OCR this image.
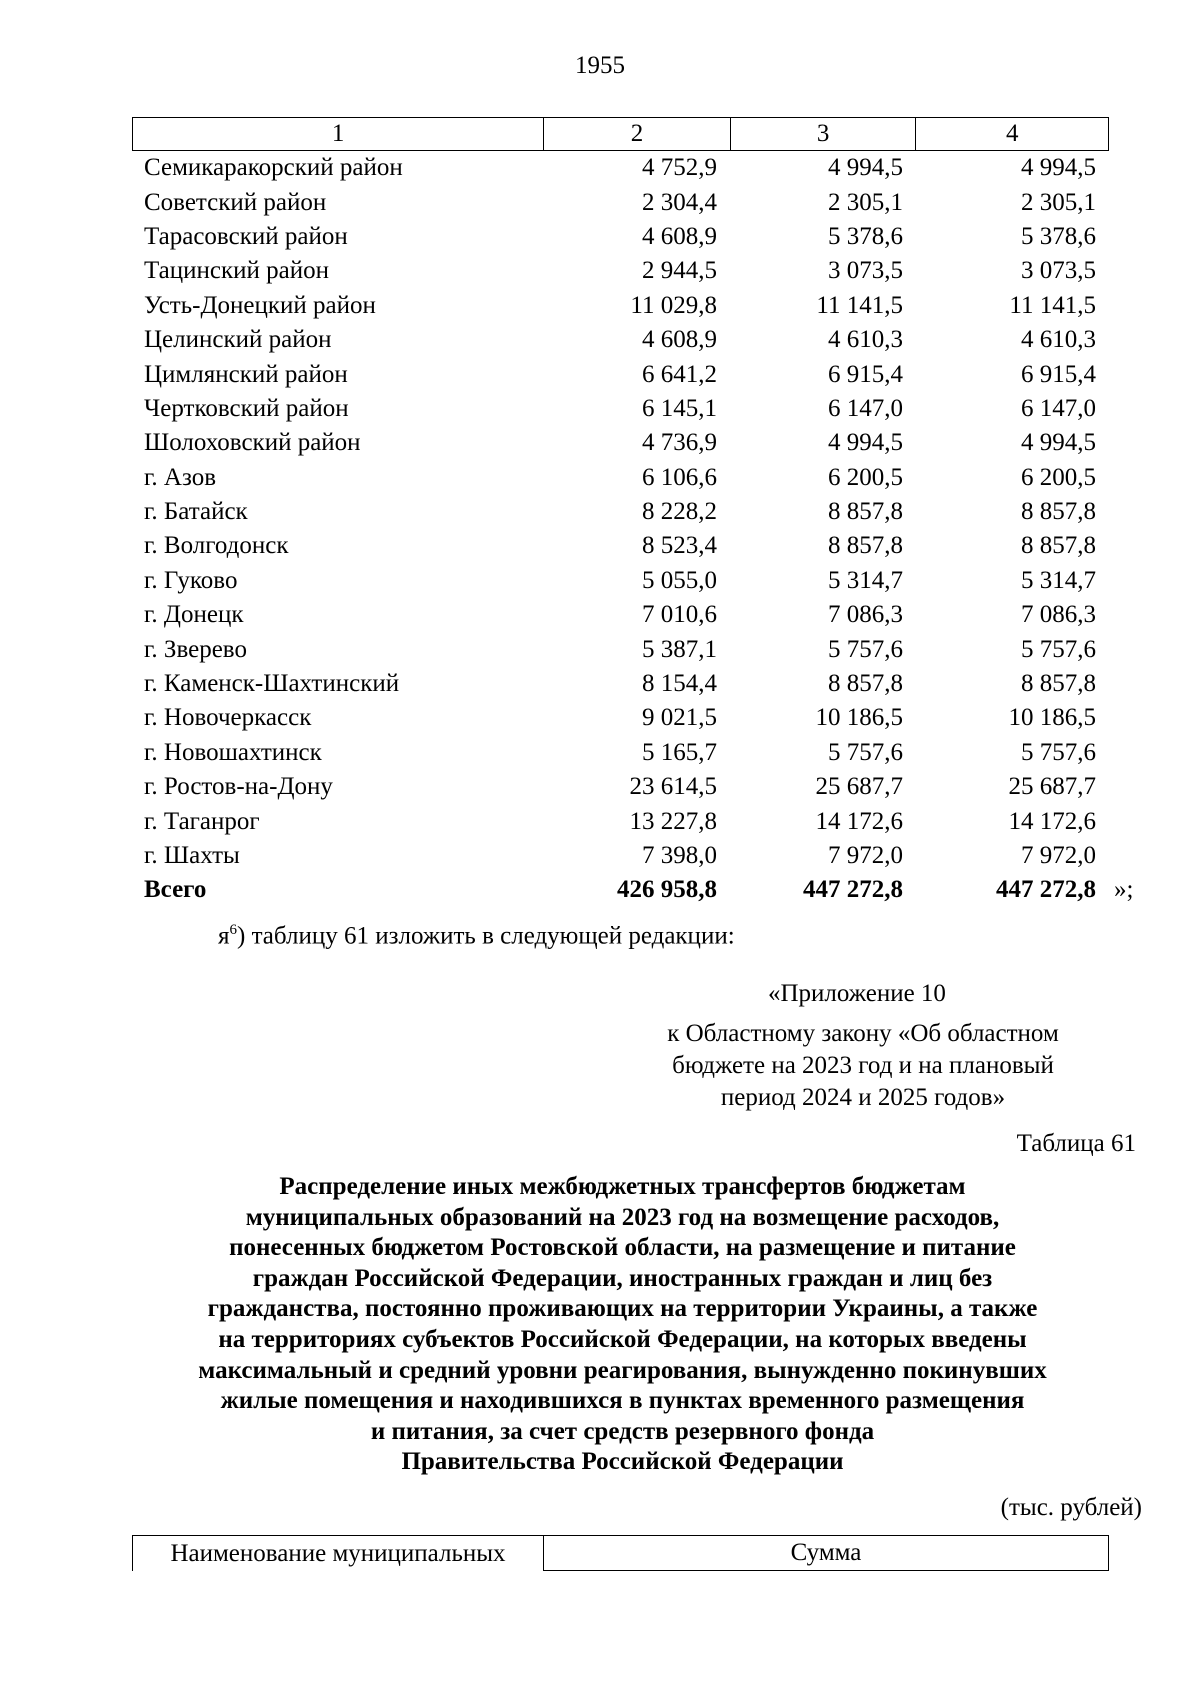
1955
1	2	3	4
Семикаракорский район	4 752,9	4 994,5	4 994,5
Советский район	2 304,4	2 305,1	2 305,1
Тарасовский район	4 608,9	5 378,6	5 378,6
Тацинский район	2 944,5	3 073,5	3 073,5
Усть-Донецкий район	11 029,8	11 141,5	11 141,5
Целинский район	4 608,9	4 610,3	4 610,3
Цимлянский район	6 641,2	6 915,4	6 915,4
Чертковский район	6 145,1	6 147,0	6 147,0
Шолоховский район	4 736,9	4 994,5	4 994,5
г. Азов	6 106,6	6 200,5	6 200,5
г. Батайск	8 228,2	8 857,8	8 857,8
г. Волгодонск	8 523,4	8 857,8	8 857,8
г. Гуково	5 055,0	5 314,7	5 314,7
г. Донецк	7 010,6	7 086,3	7 086,3
г. Зверево	5 387,1	5 757,6	5 757,6
г. Каменск-Шахтинский	8 154,4	8 857,8	8 857,8
г. Новочеркасск	9 021,5	10 186,5	10 186,5
г. Новошахтинск	5 165,7	5 757,6	5 757,6
г. Ростов-на-Дону	23 614,5	25 687,7	25 687,7
г. Таганрог	13 227,8	14 172,6	14 172,6
г. Шахты	7 398,0	7 972,0	7 972,0
Всего	426 958,8	447 272,8	447 272,8 »;
$я^6$) таблицу 61 изложить в следующей редакции:
«Приложение 10
к Областному закону «Об областном
бюджете на 2023 год и на плановый
период 2024 и 2025 годов»
Таблица 61
Распределение иных межбюджетных трансфертов бюджетам
муниципальных образований на 2023 год на возмещение расходов,
понесенных бюджетом Ростовской области, на размещение и питание
граждан Российской Федерации, иностранных граждан и лиц без
гражданства, постоянно проживающих на территории Украины, а также
на территориях субъектов Российской Федерации, на которых введены
максимальный и средний уровни реагирования, вынужденно покинувших
жилые помещения и находившихся в пунктах временного размещения
и питания, за счет средств резервного фонда
Правительства Российской Федерации
(тыс. рублей)
Наименование муниципальных	Сумма
